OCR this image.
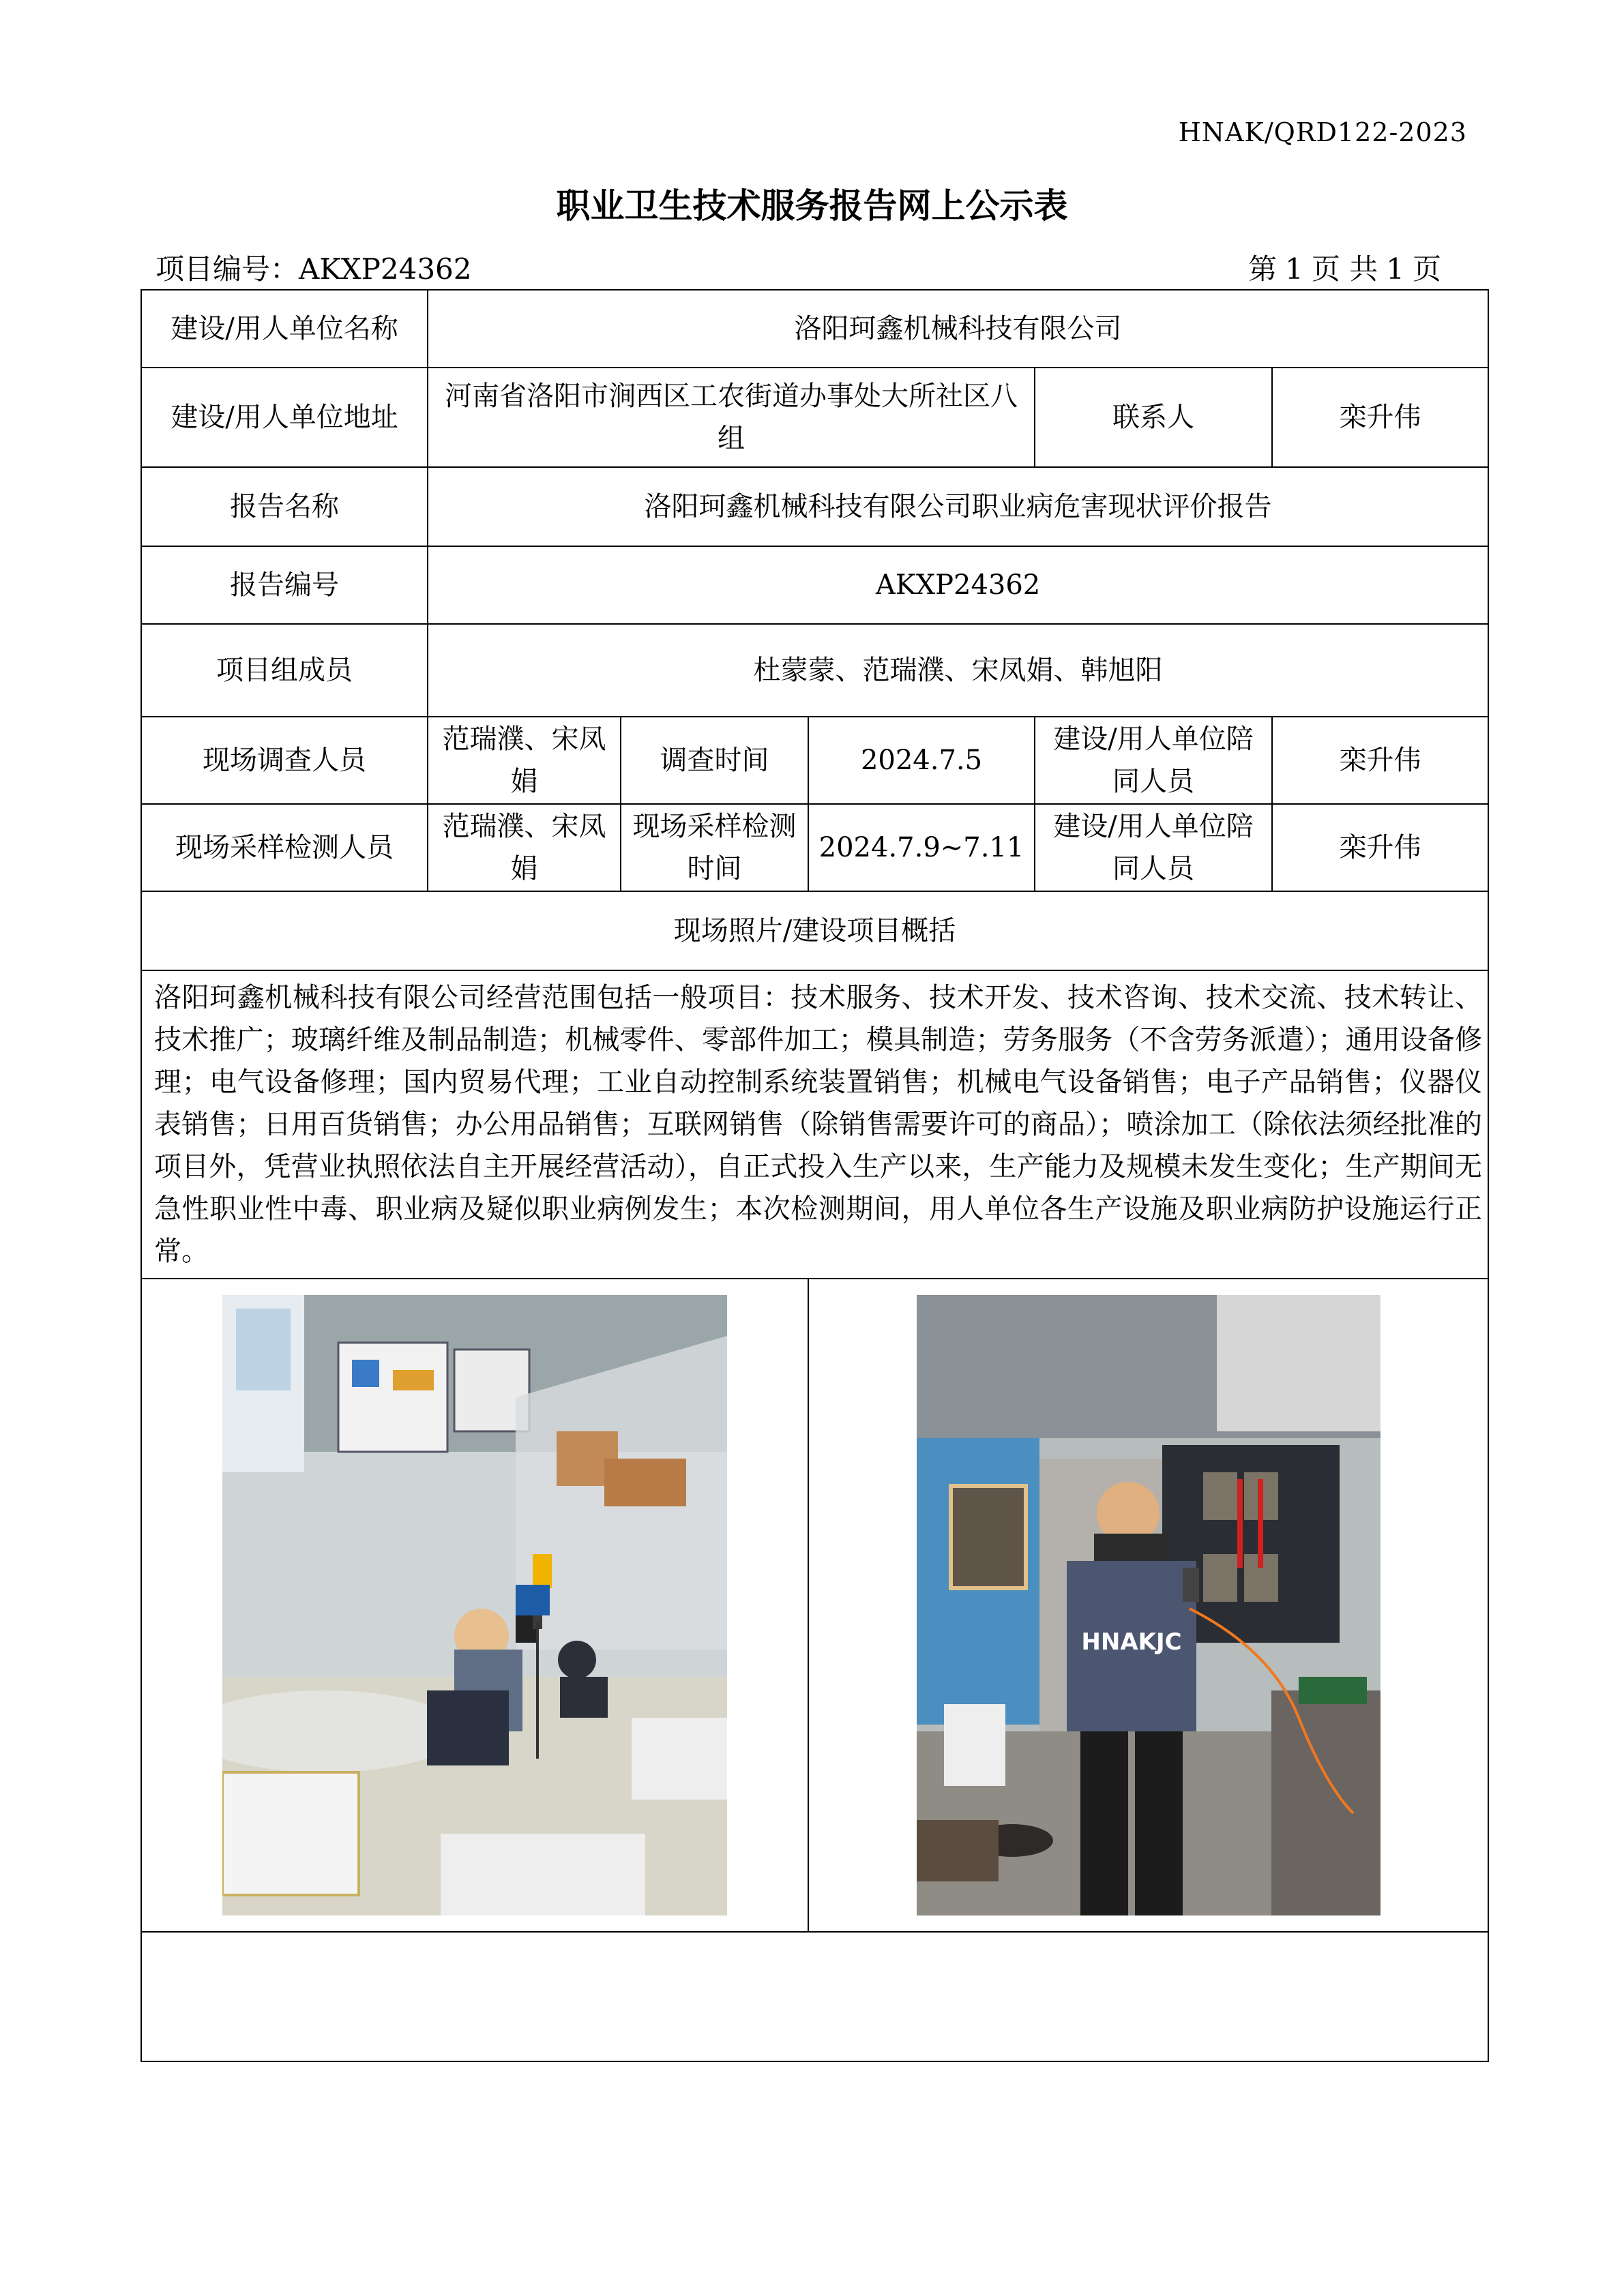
HNAK/QRD122-2023
职业卫生技术服务报告网上公示表
项目编号：AKXP24362	第 1 页 共 1 页
建设/用人单位名称	洛阳珂鑫机械科技有限公司				
建设/用人单位地址	河南省洛阳市涧西区工农街道办事处大所社区八组			联系人	栾升伟
报告名称	洛阳珂鑫机械科技有限公司职业病危害现状评价报告				
报告编号	AKXP24362				
项目组成员	杜蒙蒙、范瑞濮、宋凤娟、韩旭阳				
现场调查人员	范瑞濮、宋凤娟	调查时间	2024.7.5	建设/用人单位陪同人员	栾升伟
现场采样检测人员	范瑞濮、宋凤娟	现场采样检测时间	2024.7.9~7.11	建设/用人单位陪同人员	栾升伟
现场照片/建设项目概括					
洛阳珂鑫机械科技有限公司经营范围包括一般项目：技术服务、技术开发、技术咨询、技术交流、技术转让、技术推广；玻璃纤维及制品制造；机械零件、零部件加工；模具制造；劳务服务（不含劳务派遣）；通用设备修理；电气设备修理；国内贸易代理；工业自动控制系统装置销售；机械电气设备销售；电子产品销售；仪器仪表销售；日用百货销售；办公用品销售；互联网销售（除销售需要许可的商品）；喷涂加工（除依法须经批准的项目外，凭营业执照依法自主开展经营活动），自正式投入生产以来，生产能力及规模未发生变化；生产期间无急性职业性中毒、职业病及疑似职业病例发生；本次检测期间，用人单位各生产设施及职业病防护设施运行正常。					

HNAKJC		
